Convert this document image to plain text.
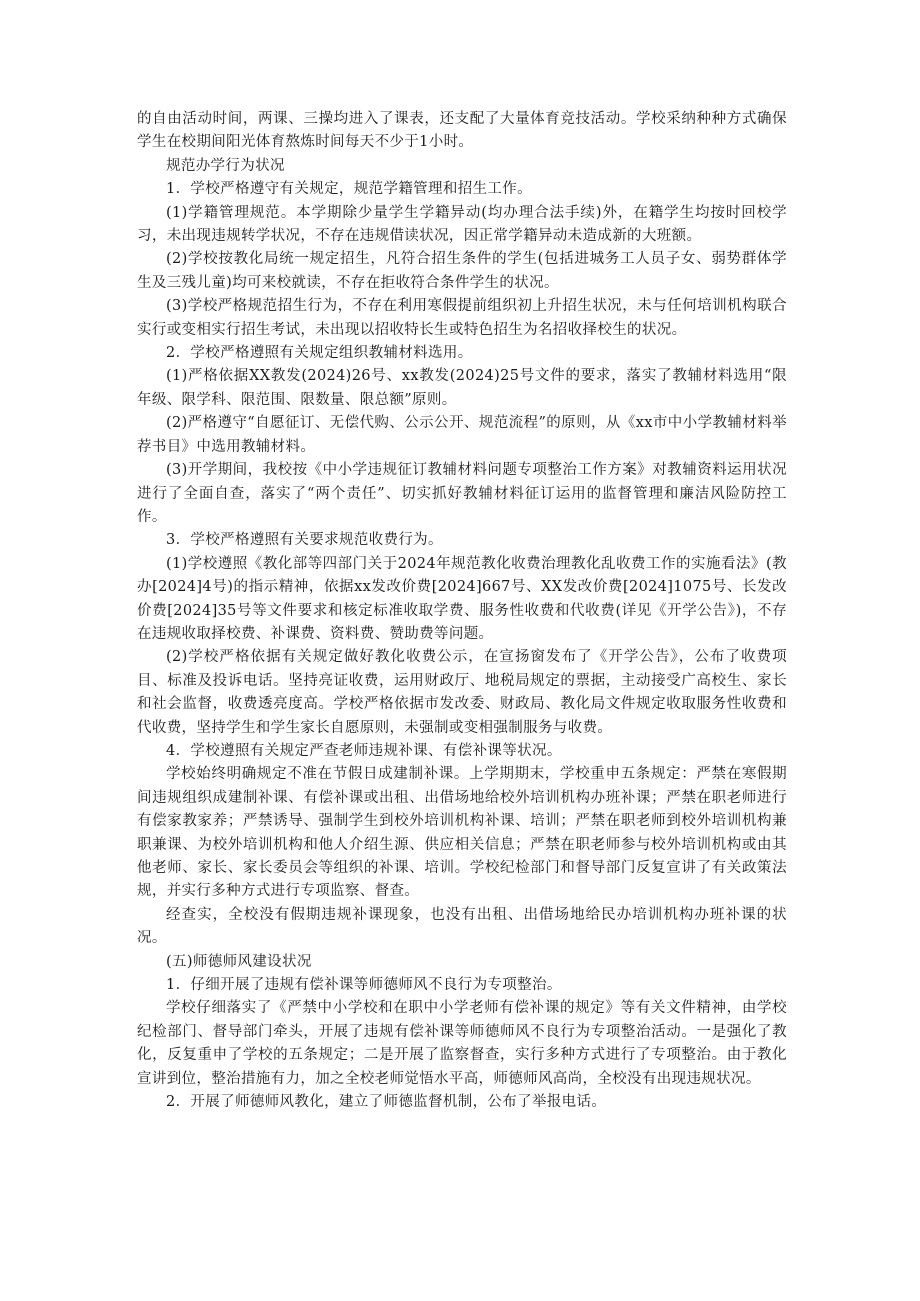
的自由活动时间，两课、三操均进入了课表，还支配了大量体育竞技活动。学校采纳种种方式确保学生在校期间阳光体育熬炼时间每天不少于1小时。

规范办学行为状况

1．学校严格遵守有关规定，规范学籍管理和招生工作。

(1)学籍管理规范。本学期除少量学生学籍异动(均办理合法手续)外，在籍学生均按时回校学习，未出现违规转学状况，不存在违规借读状况，因正常学籍异动未造成新的大班额。

(2)学校按教化局统一规定招生，凡符合招生条件的学生(包括进城务工人员子女、弱势群体学生及三残儿童)均可来校就读，不存在拒收符合条件学生的状况。

(3)学校严格规范招生行为，不存在利用寒假提前组织初上升招生状况，未与任何培训机构联合实行或变相实行招生考试，未出现以招收特长生或特色招生为名招收择校生的状况。

2．学校严格遵照有关规定组织教辅材料选用。

(1)严格依据XX教发(2024)26号、xx教发(2024)25号文件的要求，落实了教辅材料选用“限年级、限学科、限范围、限数量、限总额”原则。

(2)严格遵守“自愿征订、无偿代购、公示公开、规范流程”的原则，从《xx市中小学教辅材料举荐书目》中选用教辅材料。

(3)开学期间，我校按《中小学违规征订教辅材料问题专项整治工作方案》对教辅资料运用状况进行了全面自查，落实了“两个责任”、切实抓好教辅材料征订运用的监督管理和廉洁风险防控工作。

3．学校严格遵照有关要求规范收费行为。

(1)学校遵照《教化部等四部门关于2024年规范教化收费治理教化乱收费工作的实施看法》(教办[2024]4号)的指示精神，依据xx发改价费[2024]667号、XX发改价费[2024]1075号、长发改价费[2024]35号等文件要求和核定标准收取学费、服务性收费和代收费(详见《开学公告》)，不存在违规收取择校费、补课费、资料费、赞助费等问题。

(2)学校严格依据有关规定做好教化收费公示，在宣扬窗发布了《开学公告》，公布了收费项目、标准及投诉电话。坚持亮证收费，运用财政厅、地税局规定的票据，主动接受广高校生、家长和社会监督，收费透亮度高。学校严格依据市发改委、财政局、教化局文件规定收取服务性收费和代收费，坚持学生和学生家长自愿原则，未强制或变相强制服务与收费。

4．学校遵照有关规定严查老师违规补课、有偿补课等状况。

学校始终明确规定不准在节假日成建制补课。上学期期末，学校重申五条规定：严禁在寒假期间违规组织成建制补课、有偿补课或出租、出借场地给校外培训机构办班补课；严禁在职老师进行有偿家教家养；严禁诱导、强制学生到校外培训机构补课、培训；严禁在职老师到校外培训机构兼职兼课、为校外培训机构和他人介绍生源、供应相关信息；严禁在职老师参与校外培训机构或由其他老师、家长、家长委员会等组织的补课、培训。学校纪检部门和督导部门反复宣讲了有关政策法规，并实行多种方式进行专项监察、督查。

经查实，全校没有假期违规补课现象，也没有出租、出借场地给民办培训机构办班补课的状况。

(五)师德师风建设状况

1．仔细开展了违规有偿补课等师德师风不良行为专项整治。

学校仔细落实了《严禁中小学校和在职中小学老师有偿补课的规定》等有关文件精神，由学校纪检部门、督导部门牵头，开展了违规有偿补课等师德师风不良行为专项整治活动。一是强化了教化，反复重申了学校的五条规定；二是开展了监察督查，实行多种方式进行了专项整治。由于教化宣讲到位，整治措施有力，加之全校老师觉悟水平高，师德师风高尚，全校没有出现违规状况。

2．开展了师德师风教化，建立了师德监督机制，公布了举报电话。
